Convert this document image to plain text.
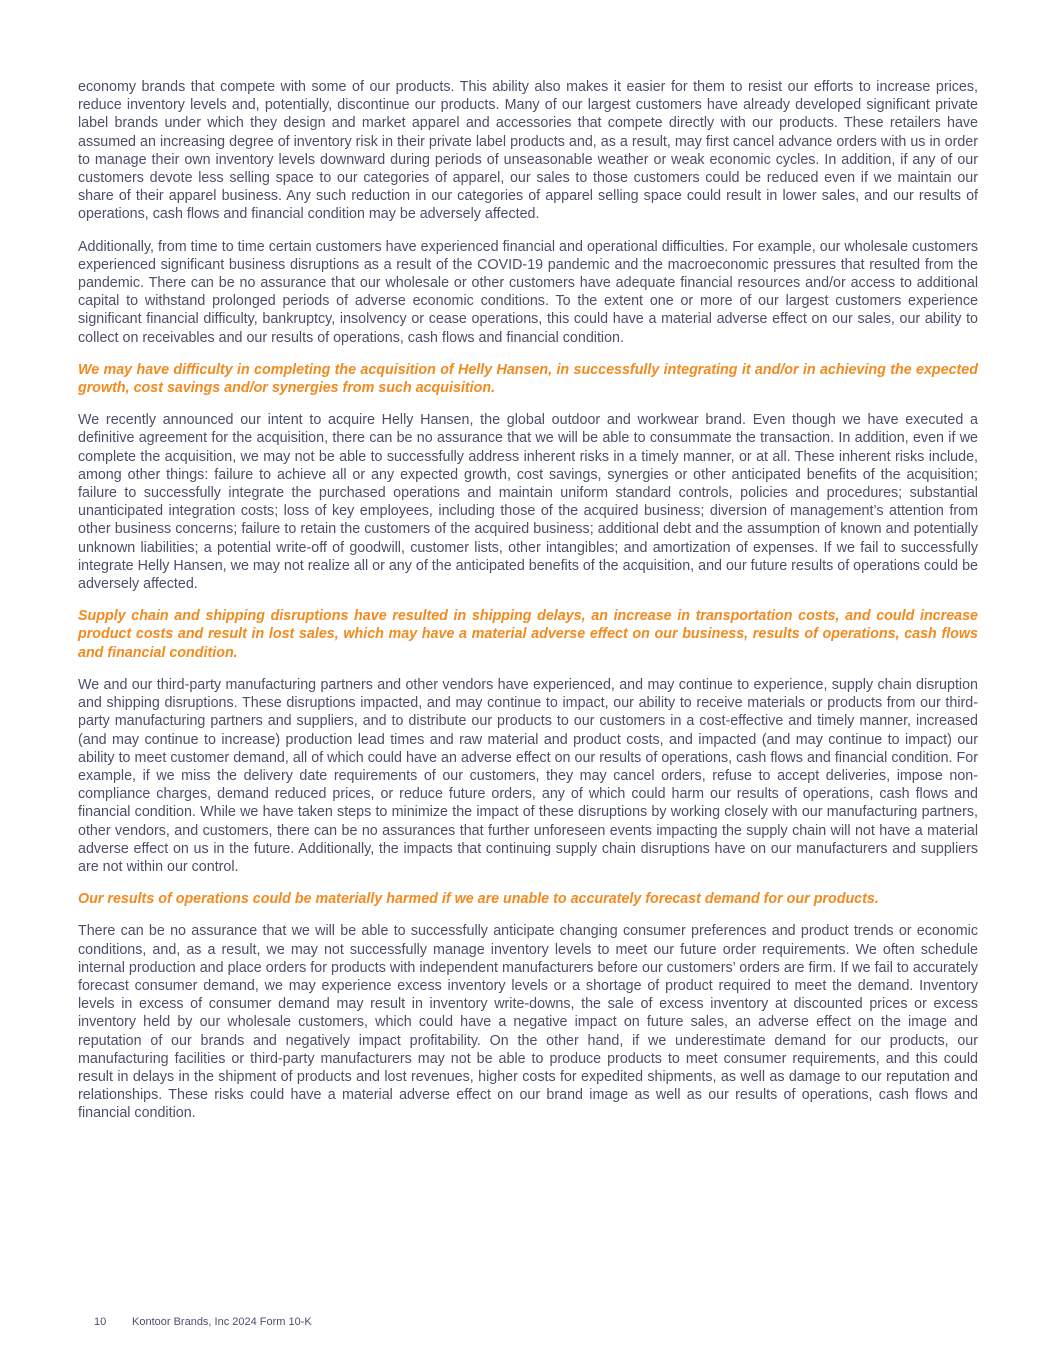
economy brands that compete with some of our products. This ability also makes it easier for them to resist our efforts to increase prices, reduce inventory levels and, potentially, discontinue our products. Many of our largest customers have already developed significant private label brands under which they design and market apparel and accessories that compete directly with our products. These retailers have assumed an increasing degree of inventory risk in their private label products and, as a result, may first cancel advance orders with us in order to manage their own inventory levels downward during periods of unseasonable weather or weak economic cycles. In addition, if any of our customers devote less selling space to our categories of apparel, our sales to those customers could be reduced even if we maintain our share of their apparel business. Any such reduction in our categories of apparel selling space could result in lower sales, and our results of operations, cash flows and financial condition may be adversely affected.

Additionally, from time to time certain customers have experienced financial and operational difficulties. For example, our wholesale customers experienced significant business disruptions as a result of the COVID-19 pandemic and the macroeconomic pressures that resulted from the pandemic. There can be no assurance that our wholesale or other customers have adequate financial resources and/or access to additional capital to withstand prolonged periods of adverse economic conditions. To the extent one or more of our largest customers experience significant financial difficulty, bankruptcy, insolvency or cease operations, this could have a material adverse effect on our sales, our ability to collect on receivables and our results of operations, cash flows and financial condition.

We may have difficulty in completing the acquisition of Helly Hansen, in successfully integrating it and/or in achieving the expected growth, cost savings and/or synergies from such acquisition.

We recently announced our intent to acquire Helly Hansen, the global outdoor and workwear brand. Even though we have executed a definitive agreement for the acquisition, there can be no assurance that we will be able to consummate the transaction. In addition, even if we complete the acquisition, we may not be able to successfully address inherent risks in a timely manner, or at all. These inherent risks include, among other things: failure to achieve all or any expected growth, cost savings, synergies or other anticipated benefits of the acquisition; failure to successfully integrate the purchased operations and maintain uniform standard controls, policies and procedures; substantial unanticipated integration costs; loss of key employees, including those of the acquired business; diversion of management’s attention from other business concerns; failure to retain the customers of the acquired business; additional debt and the assumption of known and potentially unknown liabilities; a potential write-off of goodwill, customer lists, other intangibles; and amortization of expenses. If we fail to successfully integrate Helly Hansen, we may not realize all or any of the anticipated benefits of the acquisition, and our future results of operations could be adversely affected.

Supply chain and shipping disruptions have resulted in shipping delays, an increase in transportation costs, and could increase product costs and result in lost sales, which may have a material adverse effect on our business, results of operations, cash flows and financial condition.

We and our third-party manufacturing partners and other vendors have experienced, and may continue to experience, supply chain disruption and shipping disruptions. These disruptions impacted, and may continue to impact, our ability to receive materials or products from our third-party manufacturing partners and suppliers, and to distribute our products to our customers in a cost-effective and timely manner, increased (and may continue to increase) production lead times and raw material and product costs, and impacted (and may continue to impact) our ability to meet customer demand, all of which could have an adverse effect on our results of operations, cash flows and financial condition. For example, if we miss the delivery date requirements of our customers, they may cancel orders, refuse to accept deliveries, impose non-compliance charges, demand reduced prices, or reduce future orders, any of which could harm our results of operations, cash flows and financial condition. While we have taken steps to minimize the impact of these disruptions by working closely with our manufacturing partners, other vendors, and customers, there can be no assurances that further unforeseen events impacting the supply chain will not have a material adverse effect on us in the future. Additionally, the impacts that continuing supply chain disruptions have on our manufacturers and suppliers are not within our control.

Our results of operations could be materially harmed if we are unable to accurately forecast demand for our products.

There can be no assurance that we will be able to successfully anticipate changing consumer preferences and product trends or economic conditions, and, as a result, we may not successfully manage inventory levels to meet our future order requirements. We often schedule internal production and place orders for products with independent manufacturers before our customers’ orders are firm. If we fail to accurately forecast consumer demand, we may experience excess inventory levels or a shortage of product required to meet the demand. Inventory levels in excess of consumer demand may result in inventory write-downs, the sale of excess inventory at discounted prices or excess inventory held by our wholesale customers, which could have a negative impact on future sales, an adverse effect on the image and reputation of our brands and negatively impact profitability. On the other hand, if we underestimate demand for our products, our manufacturing facilities or third-party manufacturers may not be able to produce products to meet consumer requirements, and this could result in delays in the shipment of products and lost revenues, higher costs for expedited shipments, as well as damage to our reputation and relationships. These risks could have a material adverse effect on our brand image as well as our results of operations, cash flows and financial condition.

10 Kontoor Brands, Inc 2024 Form 10-K
